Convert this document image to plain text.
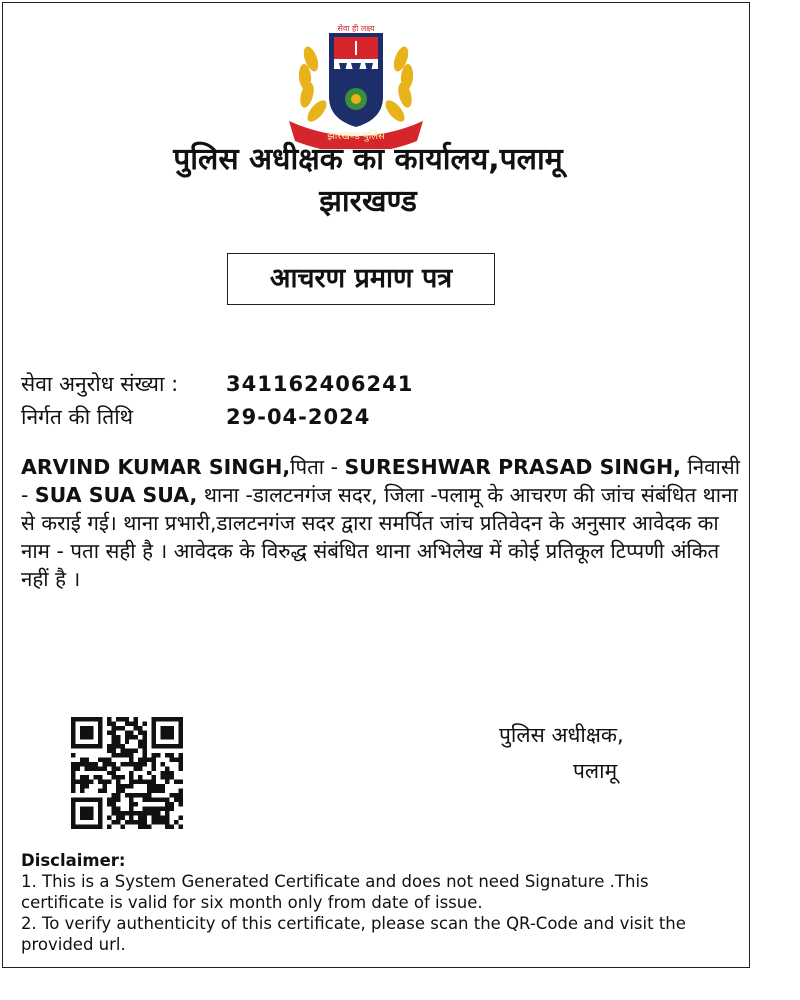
सेवा ही लक्ष्य
झारखण्ड पुलिस
पुलिस अधीक्षक का कार्यालय,पलामू
झारखण्ड
आचरण प्रमाण पत्र
सेवा अनुरोध संख्या : 341162406241
निर्गत की तिथि	29-04-2024
ARVIND KUMAR SINGH,पिता - SURESHWAR PRASAD SINGH, निवासी - SUA SUA SUA, थाना -डालटनगंज सदर, जिला -पलामू के आचरण की जांच संबंधित थाना से कराई गई। थाना प्रभारी,डालटनगंज सदर द्वारा समर्पित जांच प्रतिवेदन के अनुसार आवेदक का नाम - पता सही है । आवेदक के विरुद्ध संबंधित थाना अभिलेख में कोई प्रतिकूल टिप्पणी अंकित नहीं है ।
पुलिस अधीक्षक,
पलामू
Disclaimer:
1. This is a System Generated Certificate and does not need Signature .This certificate is valid for six month only from date of issue.
2. To verify authenticity of this certificate, please scan the QR-Code and visit the provided url.
